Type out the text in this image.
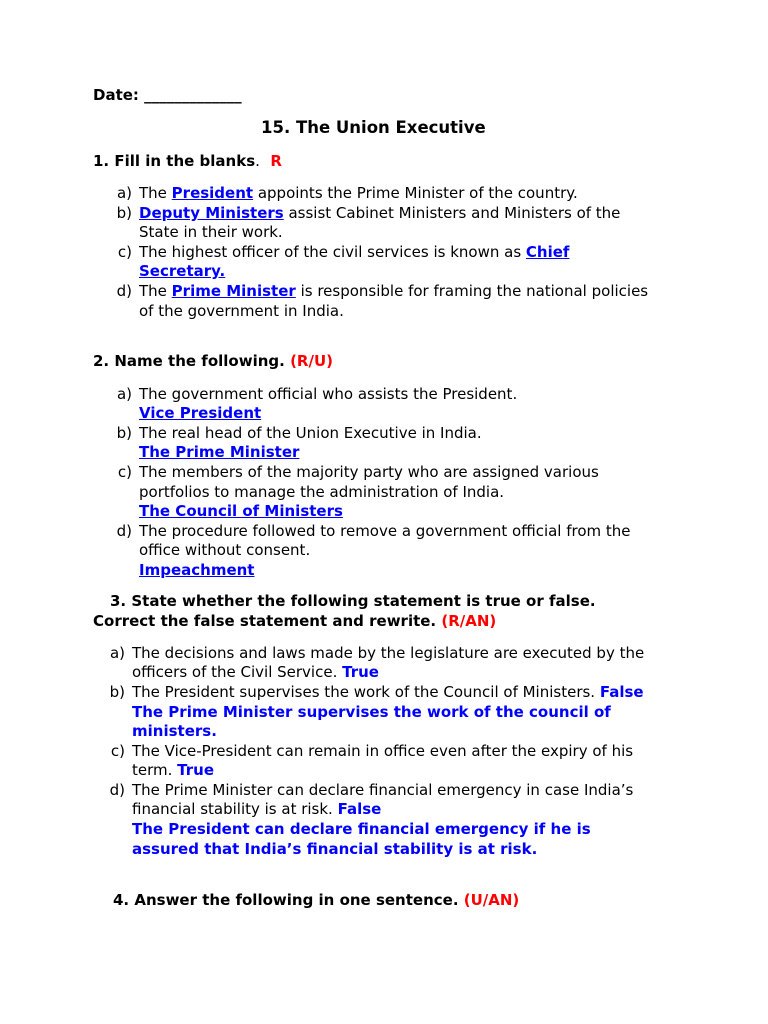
Date: _____________
15. The Union Executive
1. Fill in the blanks. R
a) The President appoints the Prime Minister of the country.
b) Deputy Ministers assist Cabinet Ministers and Ministers of the
State in their work.
c) The highest officer of the civil services is known as Chief
Secretary.
d) The Prime Minister is responsible for framing the national policies
of the government in India.
2. Name the following. (R/U)
a) The government official who assists the President.
Vice President
b) The real head of the Union Executive in India.
The Prime Minister
c) The members of the majority party who are assigned various
portfolios to manage the administration of India.
The Council of Ministers
d) The procedure followed to remove a government official from the
office without consent.
Impeachment
3. State whether the following statement is true or false.
Correct the false statement and rewrite. (R/AN)
a) The decisions and laws made by the legislature are executed by the
officers of the Civil Service. True
b) The President supervises the work of the Council of Ministers. False
The Prime Minister supervises the work of the council of
ministers.
c) The Vice-President can remain in office even after the expiry of his
term. True
d) The Prime Minister can declare financial emergency in case India’s
financial stability is at risk. False
The President can declare financial emergency if he is
assured that India’s financial stability is at risk.
4. Answer the following in one sentence. (U/AN)
